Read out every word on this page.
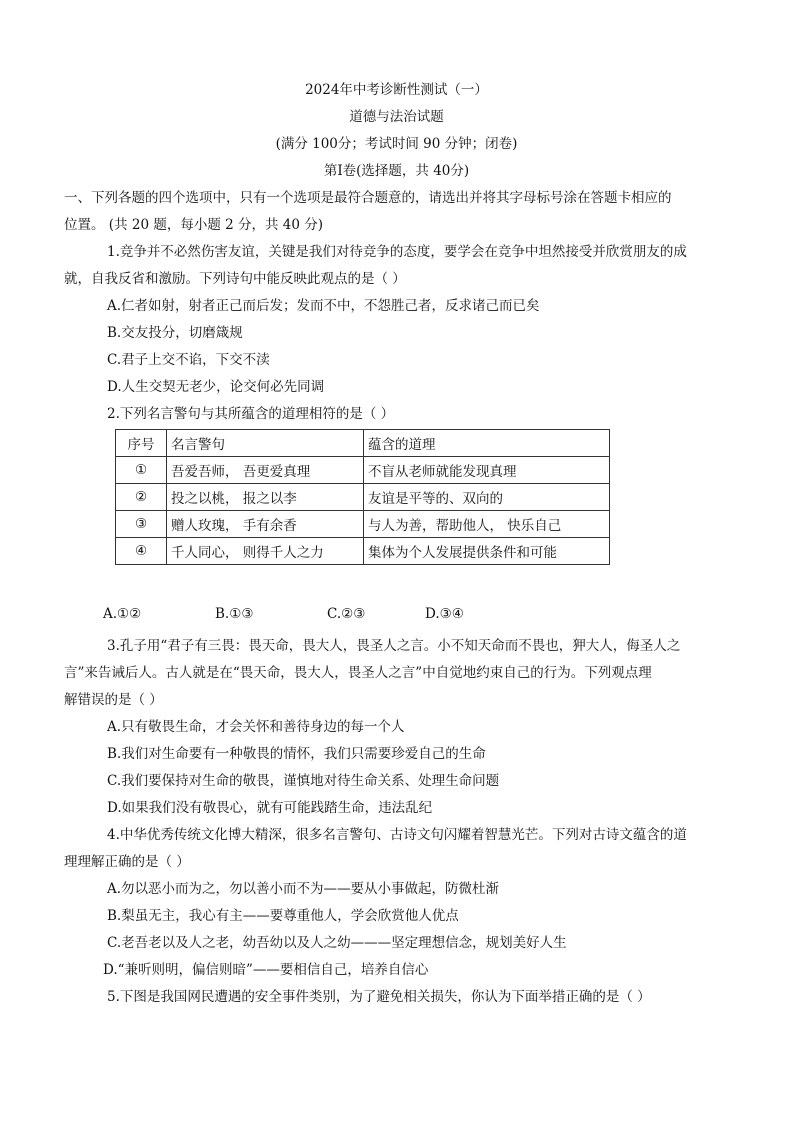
2024年中考诊断性测试（一）
道德与法治试题
(满分 100分；考试时间 90 分钟；闭卷)
第Ⅰ卷(选择题，共 40分)
一、下列各题的四个选项中，只有一个选项是最符合题意的，请选出并将其字母标号涂在答题卡相应的
位置。 (共 20 题，每小题 2 分，共 40 分)
1.竞争并不必然伤害友谊，关键是我们对待竞争的态度，要学会在竞争中坦然接受并欣赏朋友的成
就，自我反省和激励。下列诗句中能反映此观点的是（ ）
A.仁者如射，射者正己而后发；发而不中，不怨胜己者，反求诸己而已矣
B.交友投分，切磨箴规
C.君子上交不谄，下交不渎
D.人生交契无老少，论交何必先同调
2.下列名言警句与其所蕴含的道理相符的是（ ）
序号	名言警句	蕴含的道理
①	吾爱吾师， 吾更爱真理	不盲从老师就能发现真理
②	投之以桃， 报之以李	友谊是平等的、双向的
③	赠人玫瑰， 手有余香	与人为善，帮助他人， 快乐自己
④	千人同心， 则得千人之力	集体为个人发展提供条件和可能
A.①②	B.①③	C.②③	D.③④
3.孔子用“君子有三畏：畏天命，畏大人，畏圣人之言。小不知天命而不畏也，狎大人，侮圣人之
言”来告诫后人。古人就是在“畏天命，畏大人，畏圣人之言”中自觉地约束自己的行为。下列观点理
解错误的是（ ）
A.只有敬畏生命，才会关怀和善待身边的每一个人
B.我们对生命要有一种敬畏的情怀，我们只需要珍爱自己的生命
C.我们要保持对生命的敬畏，谨慎地对待生命关系、处理生命问题
D.如果我们没有敬畏心，就有可能践踏生命，违法乱纪
4.中华优秀传统文化博大精深，很多名言警句、古诗文句闪耀着智慧光芒。下列对古诗文蕴含的道
理理解正确的是（ ）
A.勿以恶小而为之，勿以善小而不为——要从小事做起，防微杜渐
B.梨虽无主，我心有主——要尊重他人，学会欣赏他人优点
C.老吾老以及人之老，幼吾幼以及人之幼———坚定理想信念，规划美好人生
D.“兼听则明，偏信则暗”——要相信自己，培养自信心
5.下图是我国网民遭遇的安全事件类别，为了避免相关损失，你认为下面举措正确的是（ ）
